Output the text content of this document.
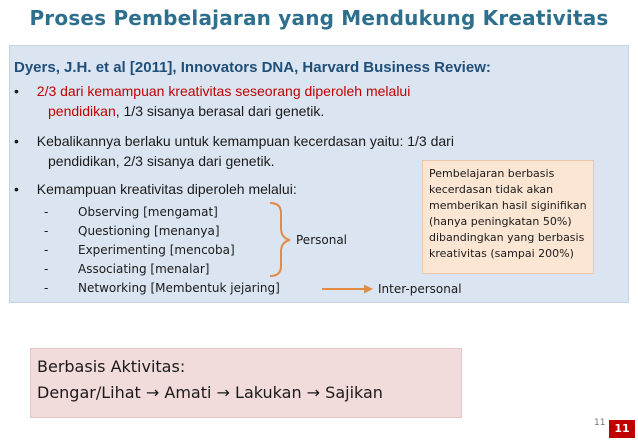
Proses Pembelajaran yang Mendukung Kreativitas
Dyers, J.H. et al [2011], Innovators DNA, Harvard Business Review:
• 2/3 dari kemampuan kreativitas seseorang diperoleh melalui
pendidikan, 1/3 sisanya berasal dari genetik.
• Kebalikannya berlaku untuk kemampuan kecerdasan yaitu: 1/3 dari
pendidikan, 2/3 sisanya dari genetik.
• Kemampuan kreativitas diperoleh melalui:
- Observing [mengamat]
- Questioning [menanya]
- Experimenting [mencoba]
- Associating [menalar]
- Networking [Membentuk jejaring]
Personal
Inter-personal
Pembelajaran berbasis
kecerdasan tidak akan
memberikan hasil siginifikan
(hanya peningkatan 50%)
dibandingkan yang berbasis
kreativitas (sampai 200%)
Berbasis Aktivitas:
Dengar/Lihat → Amati → Lakukan → Sajikan
11 11
